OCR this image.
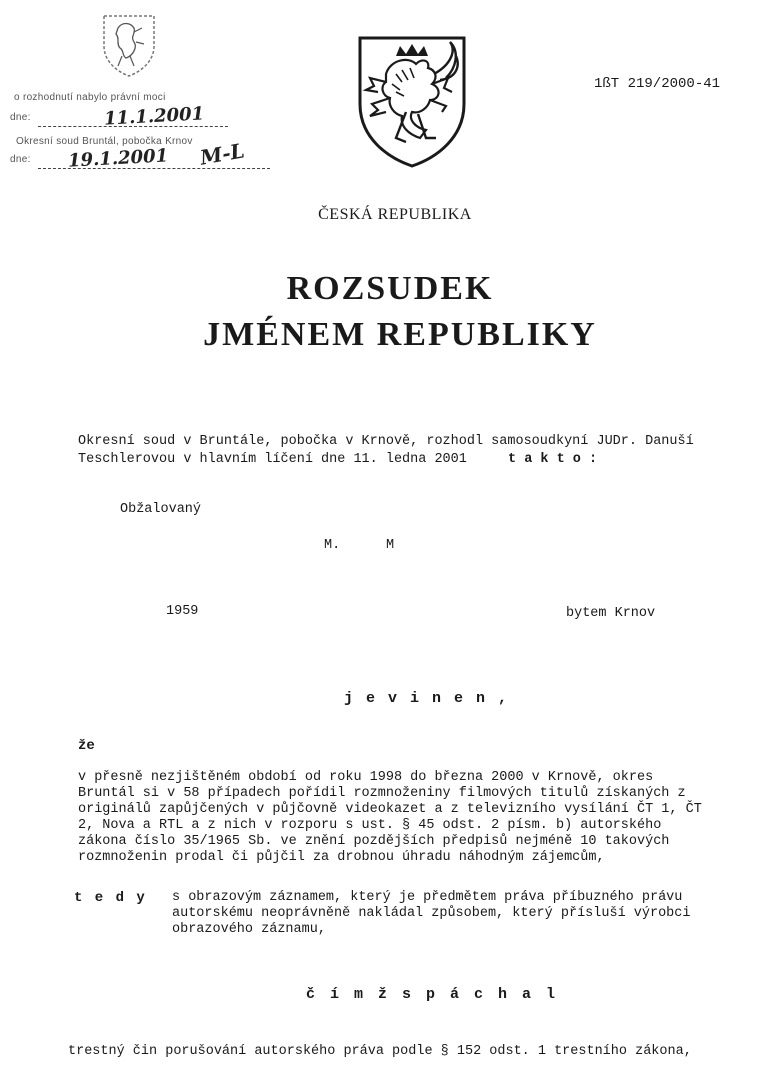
o rozhodnutí nabylo právní moci
dne:	11.1.2001
Okresní soud Bruntál, pobočka Krnov
dne: 19.1.2001 M-L
1ßT 219/2000-41
ČESKÁ REPUBLIKA
ROZSUDEK
JMÉNEM REPUBLIKY
Okresní soud v Bruntále, pobočka v Krnově, rozhodl samosoudkyní JUDr. Danuší
Teschlerovou v hlavním líčení dne 11. ledna 2001	t a k t o :
Obžalovaný
M.	M
1959	bytem Krnov
j e v i n e n ,
že
v přesně nezjištěném období od roku 1998 do března 2000 v Krnově, okres
Bruntál si v 58 případech pořídil rozmnoženiny filmových titulů získaných z
originálů zapůjčených v půjčovně videokazet a z televizního vysílání ČT 1, ČT
2, Nova a RTL a z nich v rozporu s ust. § 45 odst. 2 písm. b) autorského
zákona číslo 35/1965 Sb. ve znění pozdějších předpisů nejméně 10 takových
rozmnoženin prodal či půjčil za drobnou úhradu náhodným zájemcům,
t e d y s obrazovým záznamem, který je předmětem práva příbuzného právu
autorskému neoprávněně nakládal způsobem, který přísluší výrobci
obrazového záznamu,
č í m ž s p á c h a l
trestný čin porušování autorského práva podle § 152 odst. 1 trestního zákona,
